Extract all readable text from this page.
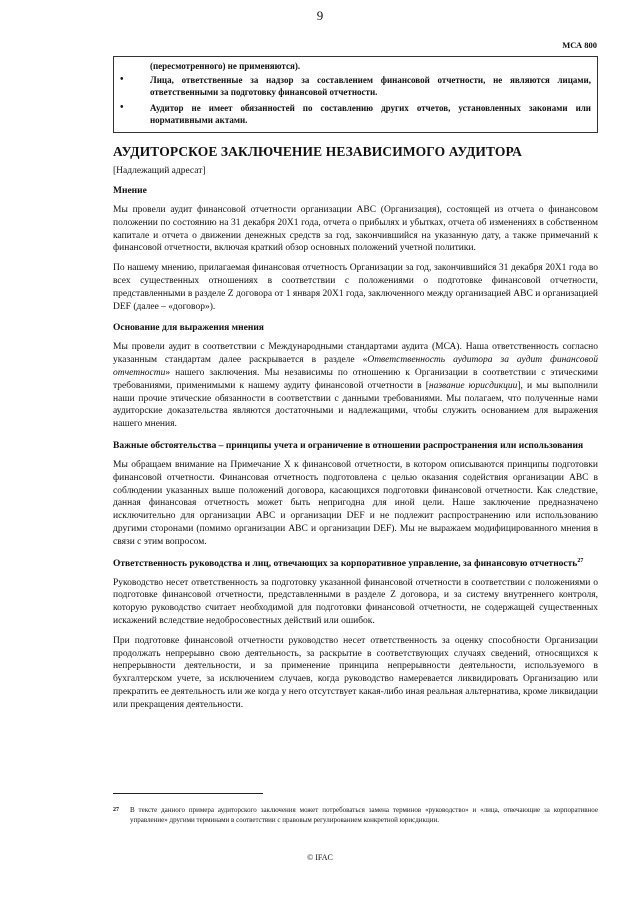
9
МСА 800
(пересмотренного) не применяются).
•	Лица, ответственные за надзор за составлением финансовой отчетности, не являются лицами, ответственными за подготовку финансовой отчетности.
•	Аудитор не имеет обязанностей по составлению других отчетов, установленных законами или нормативными актами.
АУДИТОРСКОЕ ЗАКЛЮЧЕНИЕ НЕЗАВИСИМОГО АУДИТОРА
[Надлежащий адресат]
Мнение

Мы провели аудит финансовой отчетности организации ABC (Организация), состоящей из отчета о финансовом положении по состоянию на 31 декабря 20X1 года, отчета о прибылях и убытках, отчета об изменениях в собственном капитале и отчета о движении денежных средств за год, закончившийся на указанную дату, а также примечаний к финансовой отчетности, включая краткий обзор основных положений учетной политики.

По нашему мнению, прилагаемая финансовая отчетность Организации за год, закончившийся 31 декабря 20X1 года во всех существенных отношениях в соответствии с положениями о подготовке финансовой отчетности, представленными в разделе Z договора от 1 января 20X1 года, заключенного между организацией ABC и организацией DEF (далее – «договор»).

Основание для выражения мнения

Мы провели аудит в соответствии с Международными стандартами аудита (МСА). Наша ответственность согласно указанным стандартам далее раскрывается в разделе «Ответственность аудитора за аудит финансовой отчетности» нашего заключения. Мы независимы по отношению к Организации в соответствии с этическими требованиями, применимыми к нашему аудиту финансовой отчетности в [название юрисдикции], и мы выполнили наши прочие этические обязанности в соответствии с данными требованиями. Мы полагаем, что полученные нами аудиторские доказательства являются достаточными и надлежащими, чтобы служить основанием для выражения нашего мнения.

Важные обстоятельства – принципы учета и ограничение в отношении распространения или использования

Мы обращаем внимание на Примечание X к финансовой отчетности, в котором описываются принципы подготовки финансовой отчетности. Финансовая отчетность подготовлена с целью оказания содействия организации ABC в соблюдении указанных выше положений договора, касающихся подготовки финансовой отчетности. Как следствие, данная финансовая отчетность может быть непригодна для иной цели. Наше заключение предназначено исключительно для организации ABC и организации DEF и не подлежит распространению или использованию другими сторонами (помимо организации ABC и организации DEF). Мы не выражаем модифицированного мнения в связи с этим вопросом.

Ответственность руководства и лиц, отвечающих за корпоративное управление, за финансовую отчетность$^{27}$

Руководство несет ответственность за подготовку указанной финансовой отчетности в соответствии с положениями о подготовке финансовой отчетности, представленными в разделе Z договора, и за систему внутреннего контроля, которую руководство считает необходимой для подготовки финансовой отчетности, не содержащей существенных искажений вследствие недобросовестных действий или ошибок.

При подготовке финансовой отчетности руководство несет ответственность за оценку способности Организации продолжать непрерывно свою деятельность, за раскрытие в соответствующих случаях сведений, относящихся к непрерывности деятельности, и за применение принципа непрерывности деятельности, используемого в бухгалтерском учете, за исключением случаев, когда руководство намеревается ликвидировать Организацию или прекратить ее деятельность или же когда у него отсутствует какая-либо иная реальная альтернатива, кроме ликвидации или прекращения деятельности.

27	В тексте данного примера аудиторского заключения может потребоваться замена терминов «руководство» и «лица, отвечающие за корпоративное управление» другими терминами в соответствии с правовым регулированием конкретной юрисдикции.
© IFAC
